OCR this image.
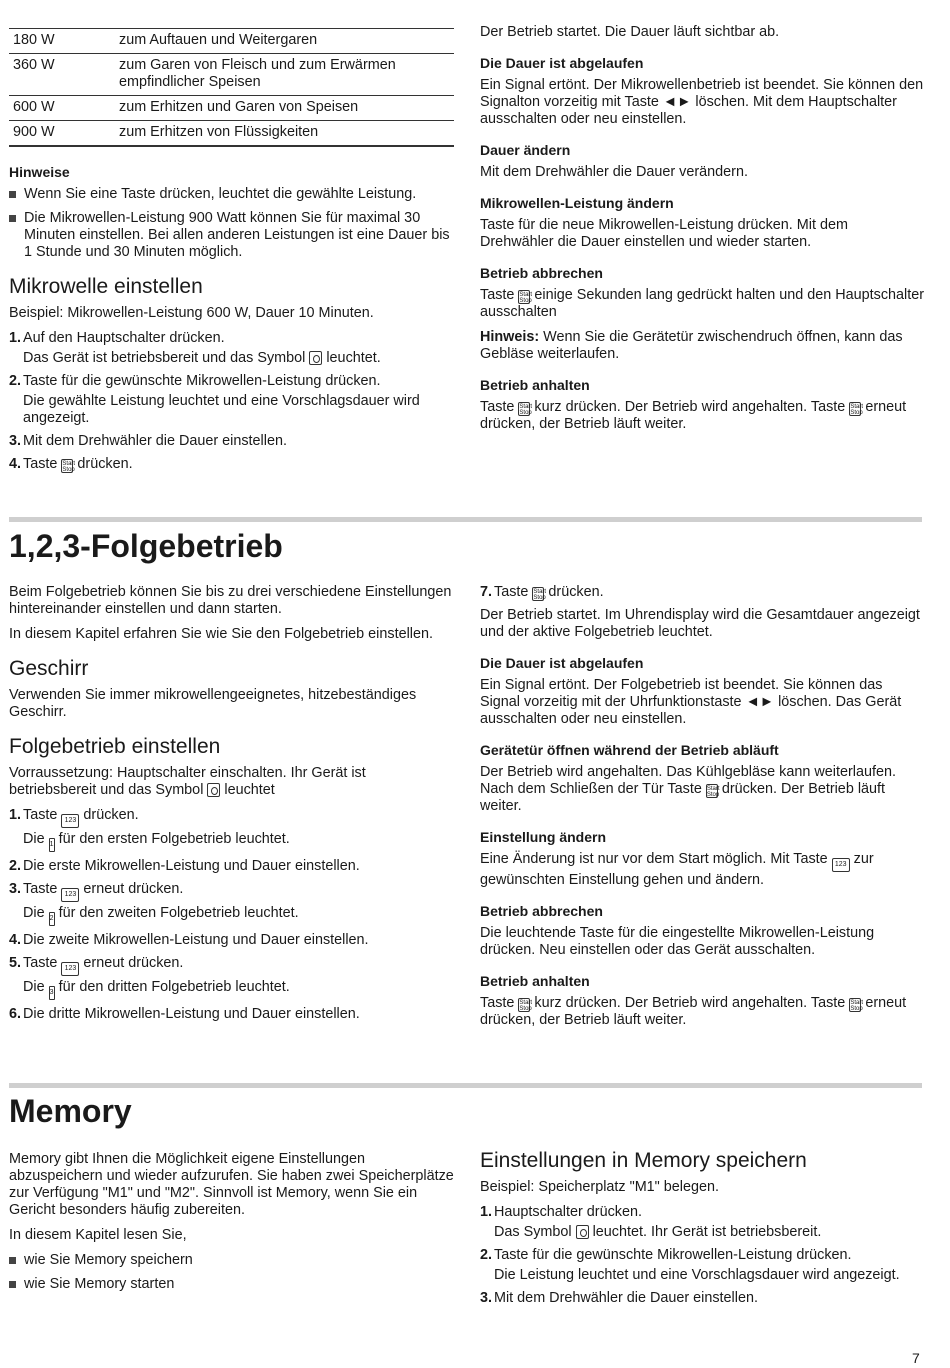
180 W	zum Auftauen und Weitergaren
360 W	zum Garen von Fleisch und zum Erwärmen empfindlicher Speisen
600 W	zum Erhitzen und Garen von Speisen
900 W	zum Erhitzen von Flüssigkeiten
Hinweise
Wenn Sie eine Taste drücken, leuchtet die gewählte Leistung.
Die Mikrowellen-Leistung 900 Watt können Sie für maximal 30 Minuten einstellen. Bei allen anderen Leistungen ist eine Dauer bis 1 Stunde und 30 Minuten möglich.
Mikrowelle einstellen

Beispiel: Mikrowellen-Leistung 600 W, Dauer 10 Minuten.

1. Auf den Hauptschalter drücken.
Das Gerät ist betriebsbereit und das Symbol leuchtet.
2. Taste für die gewünschte Mikrowellen-Leistung drücken.
Die gewählte Leistung leuchtet und eine Vorschlagsdauer wird angezeigt.
3. Mit dem Drehwähler die Dauer einstellen.
4. Taste Start Stop drücken.

Der Betrieb startet. Die Dauer läuft sichtbar ab.

Die Dauer ist abgelaufen

Ein Signal ertönt. Der Mikrowellenbetrieb ist beendet. Sie können den Signalton vorzeitig mit Taste ◄► löschen. Mit dem Hauptschalter ausschalten oder neu einstellen.

Dauer ändern

Mit dem Drehwähler die Dauer verändern.

Mikrowellen-Leistung ändern

Taste für die neue Mikrowellen-Leistung drücken. Mit dem Drehwähler die Dauer einstellen und wieder starten.

Betrieb abbrechen

Taste Start Stop einige Sekunden lang gedrückt halten und den Hauptschalter ausschalten

Hinweis: Wenn Sie die Gerätetür zwischendruch öffnen, kann das Gebläse weiterlaufen.

Betrieb anhalten

Taste Start Stop kurz drücken. Der Betrieb wird angehalten. Taste Start Stop erneut drücken, der Betrieb läuft weiter.

1,2,3-Folgebetrieb

Beim Folgebetrieb können Sie bis zu drei verschiedene Einstellungen hintereinander einstellen und dann starten.

In diesem Kapitel erfahren Sie wie Sie den Folgebetrieb einstellen.

Geschirr

Verwenden Sie immer mikrowellengeeignetes, hitzebeständiges Geschirr.

Folgebetrieb einstellen

Vorraussetzung: Hauptschalter einschalten. Ihr Gerät ist betriebsbereit und das Symbol leuchtet

1. Taste 123 drücken.
Die 1 für den ersten Folgebetrieb leuchtet.
2. Die erste Mikrowellen-Leistung und Dauer einstellen.
3. Taste 123 erneut drücken.
Die 2 für den zweiten Folgebetrieb leuchtet.
4. Die zweite Mikrowellen-Leistung und Dauer einstellen.
5. Taste 123 erneut drücken.
Die 3 für den dritten Folgebetrieb leuchtet.
6. Die dritte Mikrowellen-Leistung und Dauer einstellen.
7. Taste Start Stop drücken.

Der Betrieb startet. Im Uhrendisplay wird die Gesamtdauer angezeigt und der aktive Folgebetrieb leuchtet.

Die Dauer ist abgelaufen

Ein Signal ertönt. Der Folgebetrieb ist beendet. Sie können das Signal vorzeitig mit der Uhrfunktionstaste ◄► löschen. Das Gerät ausschalten oder neu einstellen.

Gerätetür öffnen während der Betrieb abläuft

Der Betrieb wird angehalten. Das Kühlgebläse kann weiterlaufen. Nach dem Schließen der Tür Taste Start Stop drücken. Der Betrieb läuft weiter.

Einstellung ändern

Eine Änderung ist nur vor dem Start möglich. Mit Taste 123 zur gewünschten Einstellung gehen und ändern.

Betrieb abbrechen

Die leuchtende Taste für die eingestellte Mikrowellen-Leistung drücken. Neu einstellen oder das Gerät ausschalten.

Betrieb anhalten

Taste Start Stop kurz drücken. Der Betrieb wird angehalten. Taste Start Stop erneut drücken, der Betrieb läuft weiter.

Memory

Memory gibt Ihnen die Möglichkeit eigene Einstellungen abzuspeichern und wieder aufzurufen. Sie haben zwei Speicherplätze zur Verfügung "M1" und "M2". Sinnvoll ist Memory, wenn Sie ein Gericht besonders häufig zubereiten.

In diesem Kapitel lesen Sie,

wie Sie Memory speichern
wie Sie Memory starten
Einstellungen in Memory speichern

Beispiel: Speicherplatz "M1" belegen.

1. Hauptschalter drücken.
Das Symbol leuchtet. Ihr Gerät ist betriebsbereit.
2. Taste für die gewünschte Mikrowellen-Leistung drücken.
Die Leistung leuchtet und eine Vorschlagsdauer wird angezeigt.
3. Mit dem Drehwähler die Dauer einstellen.
7
